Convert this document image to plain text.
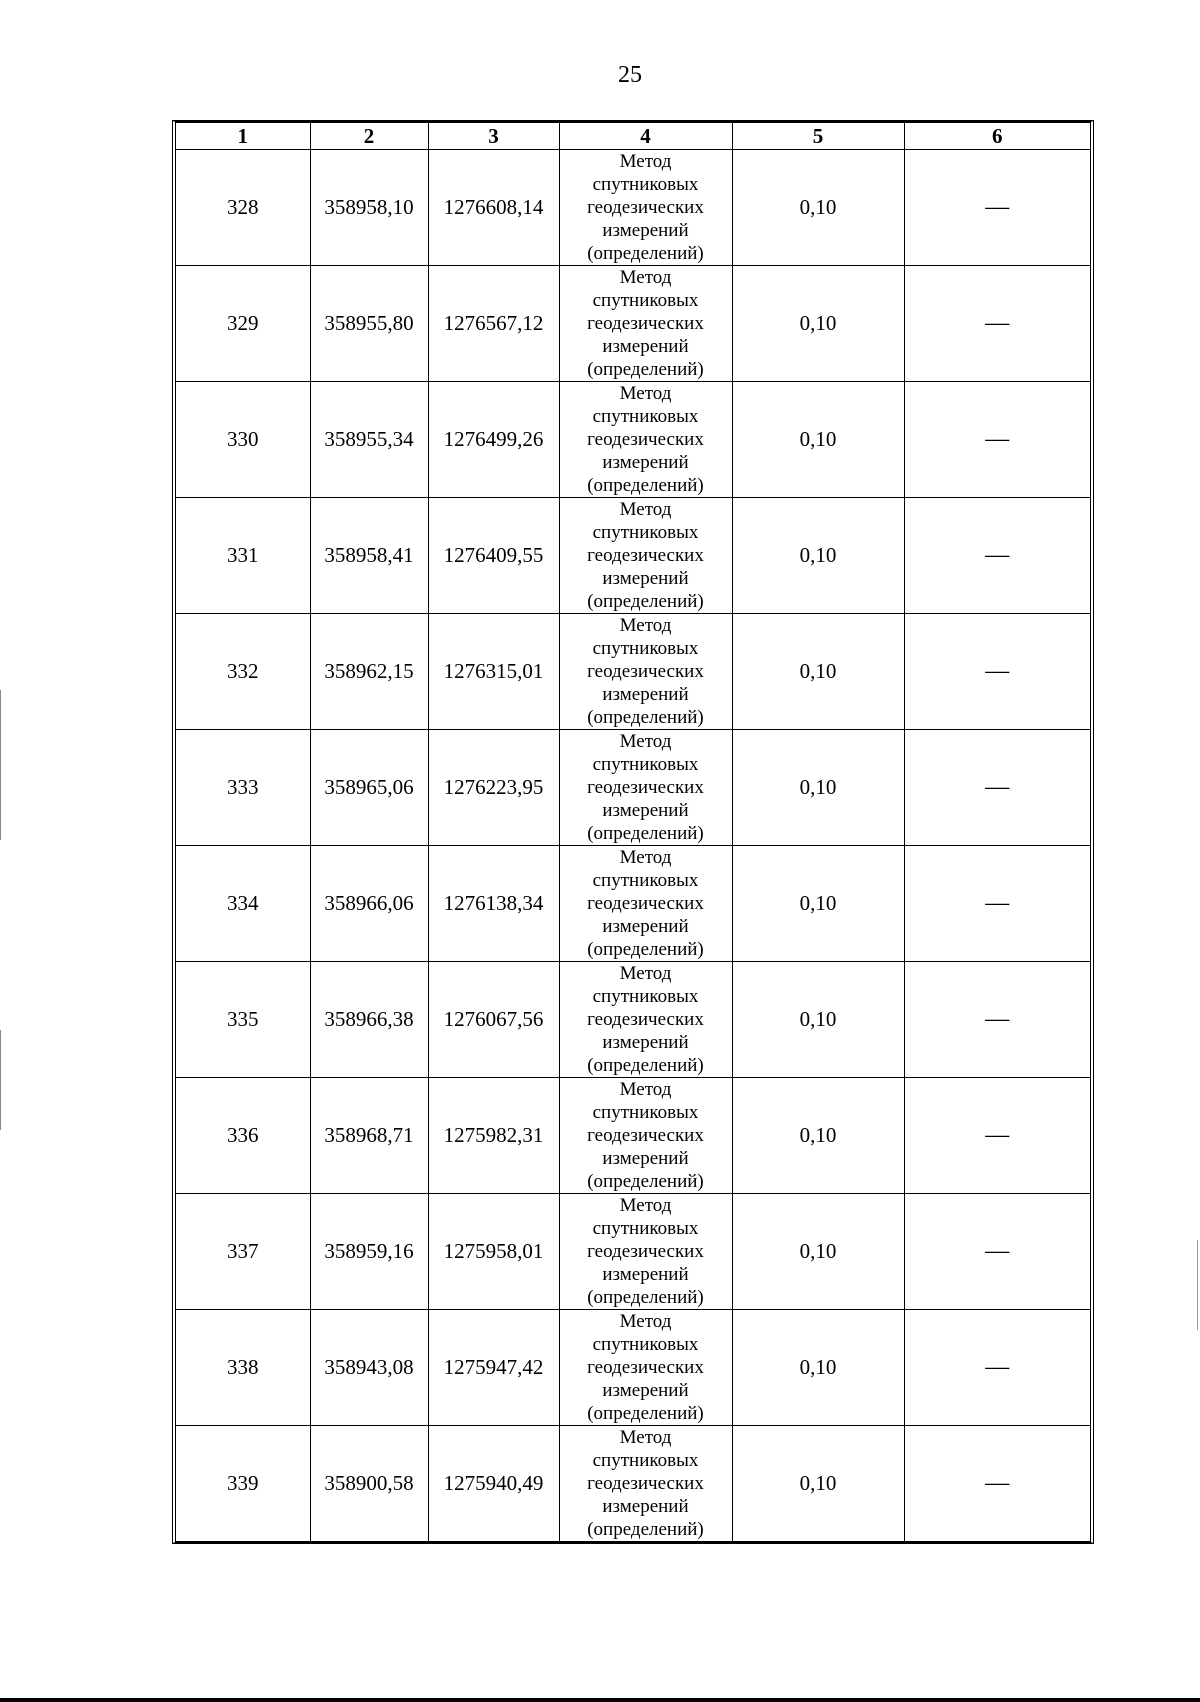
25
1	2	3	4	5	6
328	358958,10	1276608,14	Метод
спутниковых
геодезических
измерений
(определений)	0,10	—
329	358955,80	1276567,12	Метод
спутниковых
геодезических
измерений
(определений)	0,10	—
330	358955,34	1276499,26	Метод
спутниковых
геодезических
измерений
(определений)	0,10	—
331	358958,41	1276409,55	Метод
спутниковых
геодезических
измерений
(определений)	0,10	—
332	358962,15	1276315,01	Метод
спутниковых
геодезических
измерений
(определений)	0,10	—
333	358965,06	1276223,95	Метод
спутниковых
геодезических
измерений
(определений)	0,10	—
334	358966,06	1276138,34	Метод
спутниковых
геодезических
измерений
(определений)	0,10	—
335	358966,38	1276067,56	Метод
спутниковых
геодезических
измерений
(определений)	0,10	—
336	358968,71	1275982,31	Метод
спутниковых
геодезических
измерений
(определений)	0,10	—
337	358959,16	1275958,01	Метод
спутниковых
геодезических
измерений
(определений)	0,10	—
338	358943,08	1275947,42	Метод
спутниковых
геодезических
измерений
(определений)	0,10	—
339	358900,58	1275940,49	Метод
спутниковых
геодезических
измерений
(определений)	0,10	—
